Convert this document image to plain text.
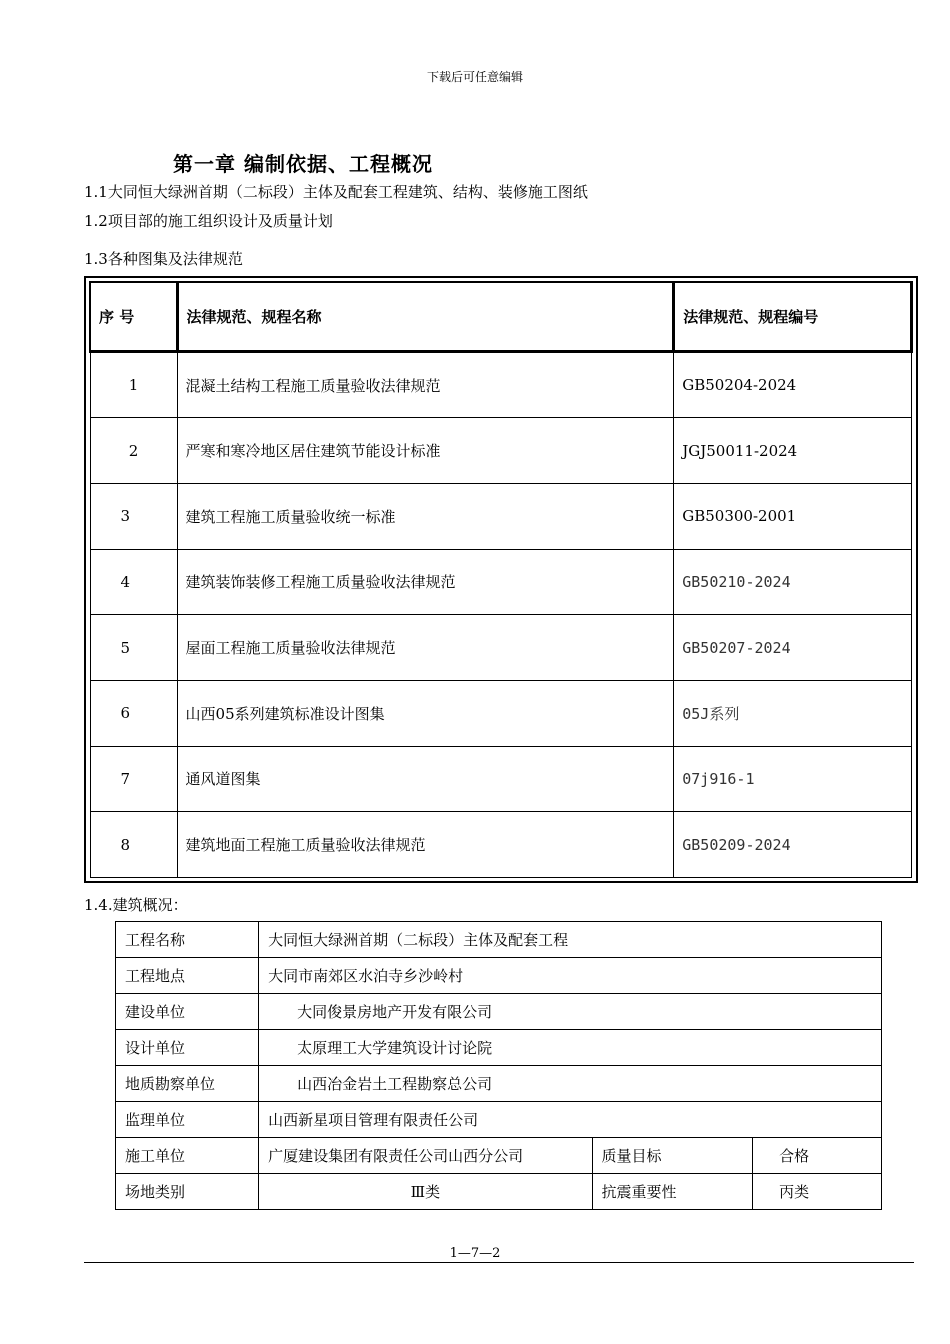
下载后可任意编辑
第一章 编制依据、工程概况
1.1大同恒大绿洲首期（二标段）主体及配套工程建筑、结构、装修施工图纸
1.2项目部的施工组织设计及质量计划
1.3各种图集及法律规范
序 号	法律规范、规程名称	法律规范、规程编号
1	混凝土结构工程施工质量验收法律规范	GB50204-2024
2	严寒和寒冷地区居住建筑节能设计标准	JGJ50011-2024
3	建筑工程施工质量验收统一标准	GB50300-2001
4	建筑装饰装修工程施工质量验收法律规范	GB50210-2024
5	屋面工程施工质量验收法律规范	GB50207-2024
6	山西05系列建筑标准设计图集	05J系列
7	通风道图集	07j916-1
8	建筑地面工程施工质量验收法律规范	GB50209-2024
1.4.建筑概况：
工程名称	大同恒大绿洲首期（二标段）主体及配套工程		
工程地点	大同市南郊区水泊寺乡沙岭村		
建设单位	大同俊景房地产开发有限公司		
设计单位	太原理工大学建筑设计讨论院		
地质勘察单位	山西冶金岩土工程勘察总公司		
监理单位	山西新星项目管理有限责任公司		
施工单位	广厦建设集团有限责任公司山西分公司	质量目标	合格
场地类别	Ⅲ类	抗震重要性	丙类
1—7—2
